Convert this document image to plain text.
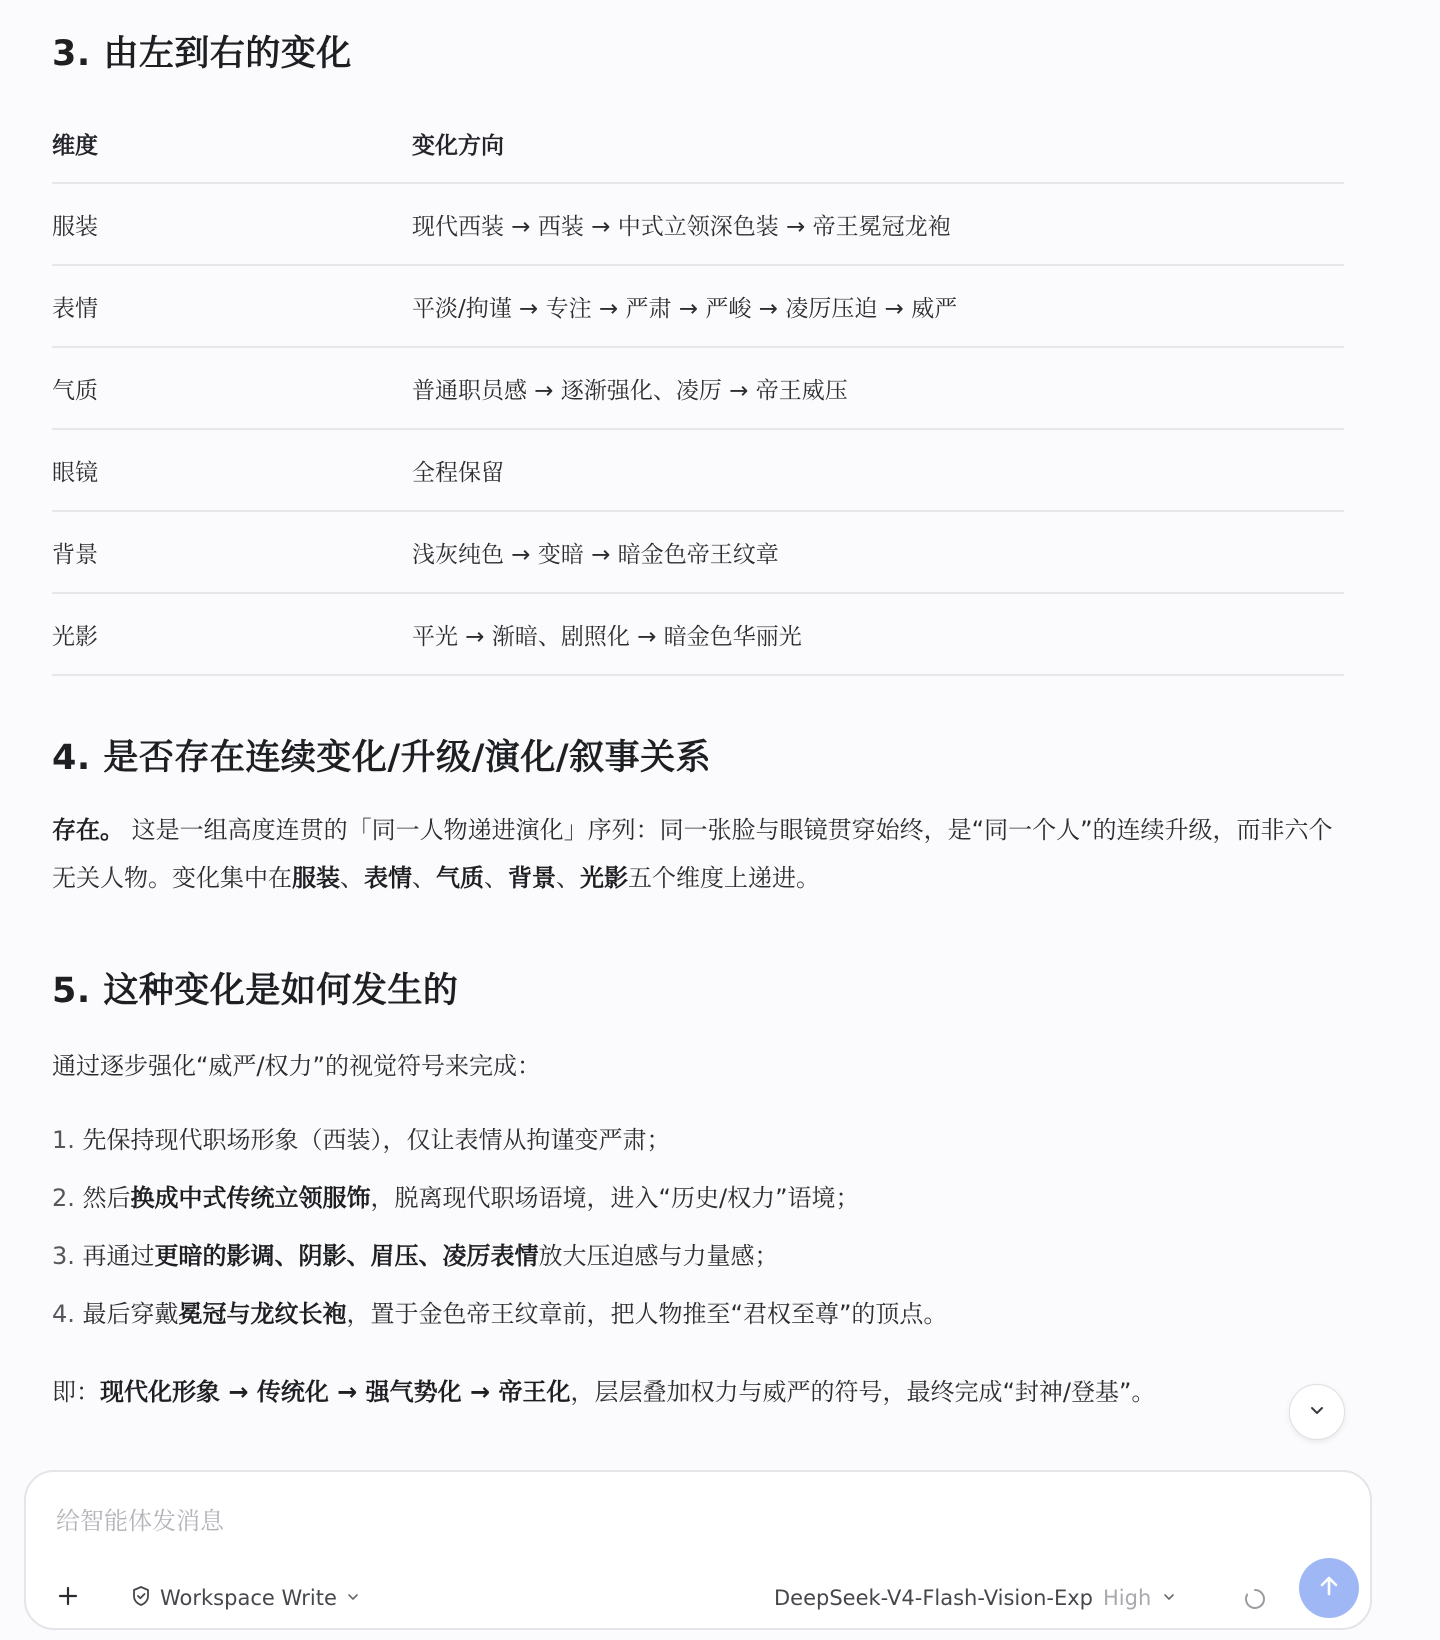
3. 由左到右的变化
维度	变化方向
服装	现代西装 → 西装 → 中式立领深色装 → 帝王冕冠龙袍
表情	平淡/拘谨 → 专注 → 严肃 → 严峻 → 凌厉压迫 → 威严
气质	普通职员感 → 逐渐强化、凌厉 → 帝王威压
眼镜	全程保留
背景	浅灰纯色 → 变暗 → 暗金色帝王纹章
光影	平光 → 渐暗、剧照化 → 暗金色华丽光
4. 是否存在连续变化/升级/演化/叙事关系

存在。 这是一组高度连贯的「同一人物递进演化」序列：同一张脸与眼镜贯穿始终，是“同一个人”的连续升级，而非六个无关人物。变化集中在服装、表情、气质、背景、光影五个维度上递进。

5. 这种变化是如何发生的

通过逐步强化“威严/权力”的视觉符号来完成：

1. 先保持现代职场形象（西装），仅让表情从拘谨变严肃；
2. 然后换成中式传统立领服饰，脱离现代职场语境，进入“历史/权力”语境；
3. 再通过更暗的影调、阴影、眉压、凌厉表情放大压迫感与力量感；
4. 最后穿戴冕冠与龙纹长袍，置于金色帝王纹章前，把人物推至“君权至尊”的顶点。

即：现代化形象 → 传统化 → 强气势化 → 帝王化，层层叠加权力与威严的符号，最终完成“封神/登基”。

给智能体发消息
Workspace Write	DeepSeek-V4-Flash-Vision-Exp High
